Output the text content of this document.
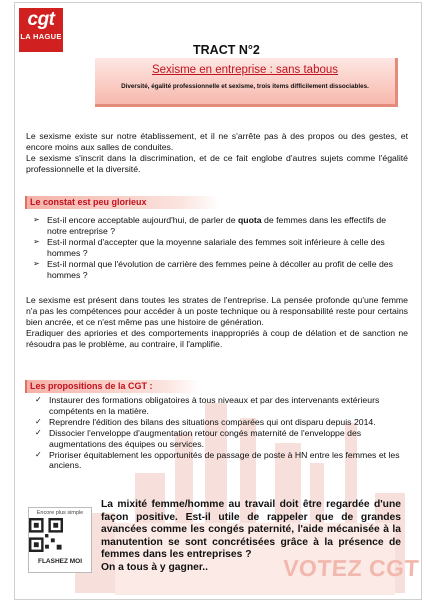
cgt
LA HAGUE
TRACT N°2
Sexisme en entreprise : sans tabous
Diversité, égalité professionnelle et sexisme, trois items difficilement dissociables.

Le sexisme existe sur notre établissement, et il ne s'arrête pas à des propos ou des gestes, et encore moins aux salles de conduites.

Le sexisme s'inscrit dans la discrimination, et de ce fait englobe d'autres sujets comme l'égalité professionnelle et la diversité.

Le constat est peu glorieux
➢ Est-il encore acceptable aujourd'hui, de parler de quota de femmes dans les effectifs de notre entreprise ?
➢ Est-il normal d'accepter que la moyenne salariale des femmes soit inférieure à celle des hommes ?
➢ Est-il normal que l'évolution de carrière des femmes peine à décoller au profit de celle des hommes ?

Le sexisme est présent dans toutes les strates de l'entreprise. La pensée profonde qu'une femme n'a pas les compétences pour accéder à un poste technique ou à responsabilité reste pour certains bien ancrée, et ce n'est même pas une histoire de génération.

Eradiquer des apriories et des comportements inappropriés à coup de délation et de sanction ne résoudra pas le problème, au contraire, il l'amplifie.

Les propositions de la CGT :
✓ Instaurer des formations obligatoires à tous niveaux et par des intervenants extérieurs compétents en la matière.
✓ Reprendre l'édition des bilans des situations comparées qui ont disparu depuis 2014.
✓ Dissocier l'enveloppe d'augmentation retour congés maternité de l'enveloppe des augmentations des équipes ou services.
✓ Prioriser équitablement les opportunités de passage de poste à HN entre les femmes et les anciens.
Encore plus simple
FLASHEZ MOI

La mixité femme/homme au travail doit être regardée d'une façon positive. Est-il utile de rappeler que de grandes avancées comme les congés paternité, l'aide mécanisée à la manutention se sont concrétisées grâce à la présence de femmes dans les entreprises ?

On a tous à y gagner..	VOTEZ CGT
